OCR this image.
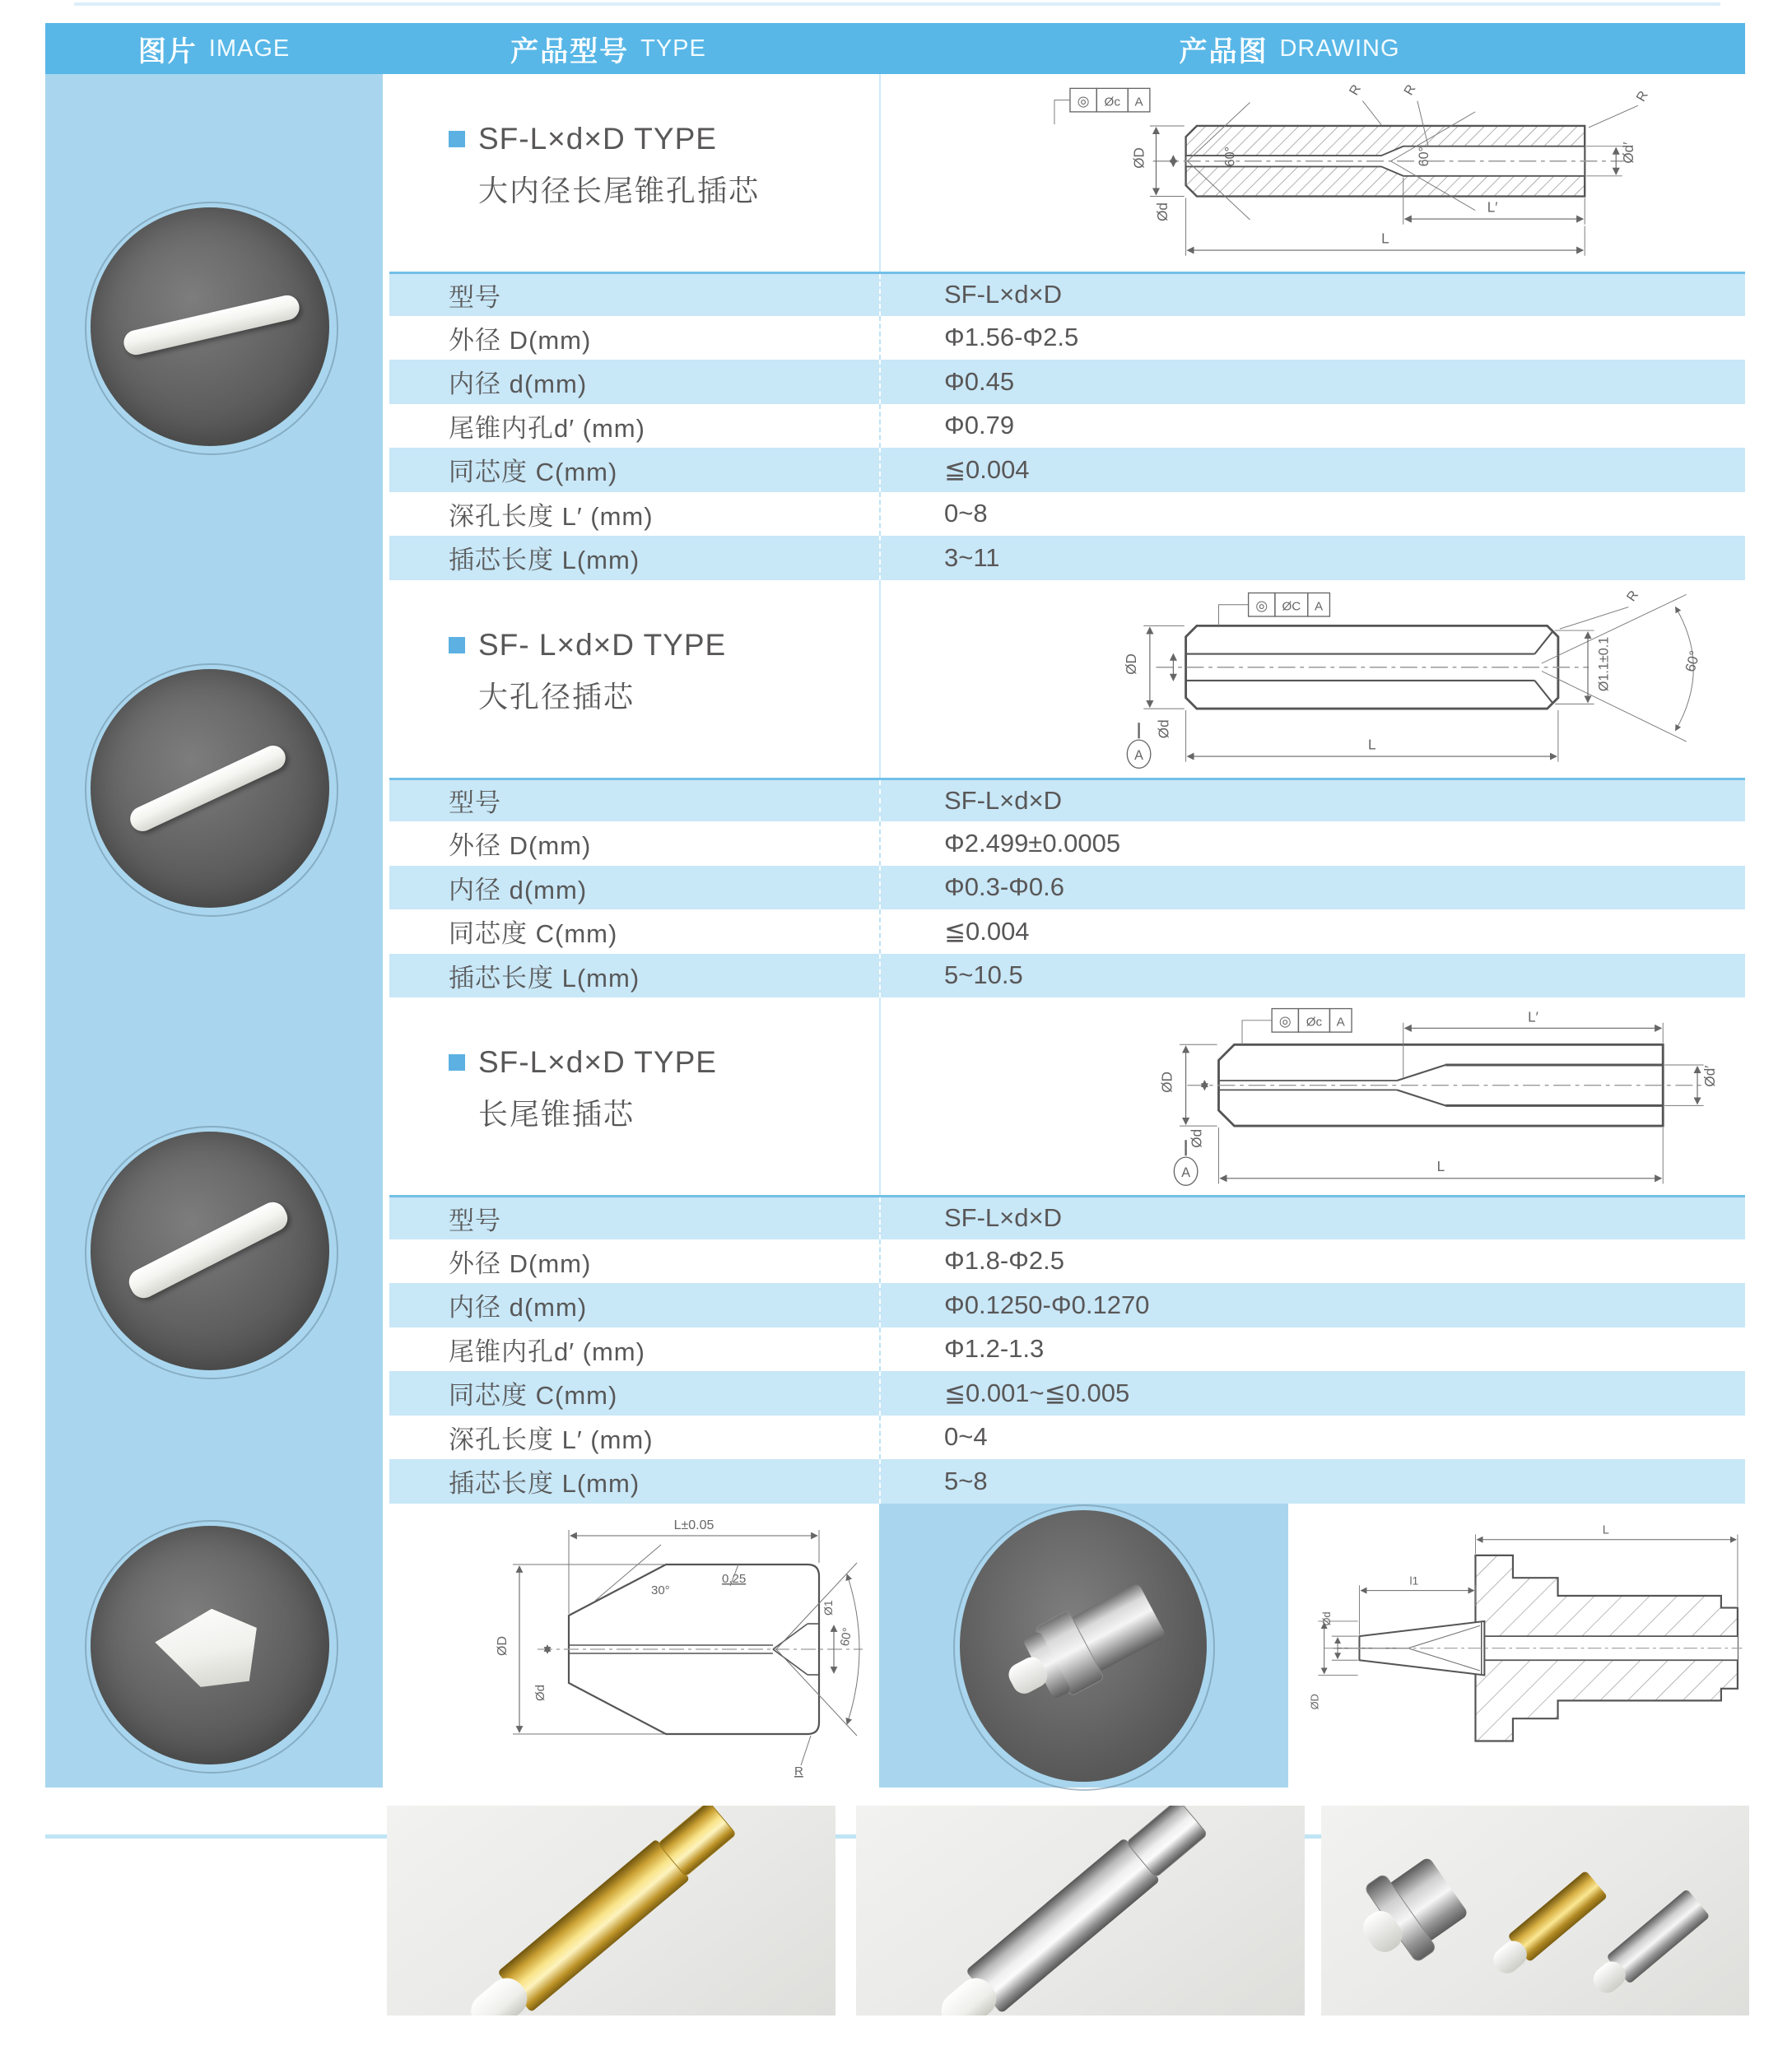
图片 IMAGE	产品型号 TYPE	产品图 DRAWING
SF-L×d×D TYPE
大内径长尾锥孔插芯
60°	60°
R	R	R
ØD
Ød
Ød′
L′
L
◎ Øc A
型号	SF-L×d×D
外径 D(mm)	Φ1.56-Φ2.5
内径 d(mm)	Φ0.45
尾锥内孔d′ (mm)	Φ0.79
同芯度 C(mm)	≦0.004
深孔长度 L′ (mm)	0~8
插芯长度 L(mm)	3~11
SF- L×d×D TYPE
大孔径插芯
60°
Ø1.1±0.1
R
ØD
Ød
A
L
◎ ØC A
型号	SF-L×d×D
外径 D(mm)	Φ2.499±0.0005
内径 d(mm)	Φ0.3-Φ0.6
同芯度 C(mm)	≦0.004
插芯长度 L(mm)	5~10.5
SF-L×d×D TYPE
长尾锥插芯
L′
ØD
Ød
Ød′
A	L
◎ Øc A
型号	SF-L×d×D
外径 D(mm)	Φ1.8-Φ2.5
内径 d(mm)	Φ0.1250-Φ0.1270
尾锥内孔d′ (mm)	Φ1.2-1.3
同芯度 C(mm)	≦0.001~≦0.005
深孔长度 L′ (mm)	0~4
插芯长度 L(mm)	5~8
L±0.05
30°
0.25
ØD
Ød
60°
Ø1
R
L
l1
Ød
ØD
